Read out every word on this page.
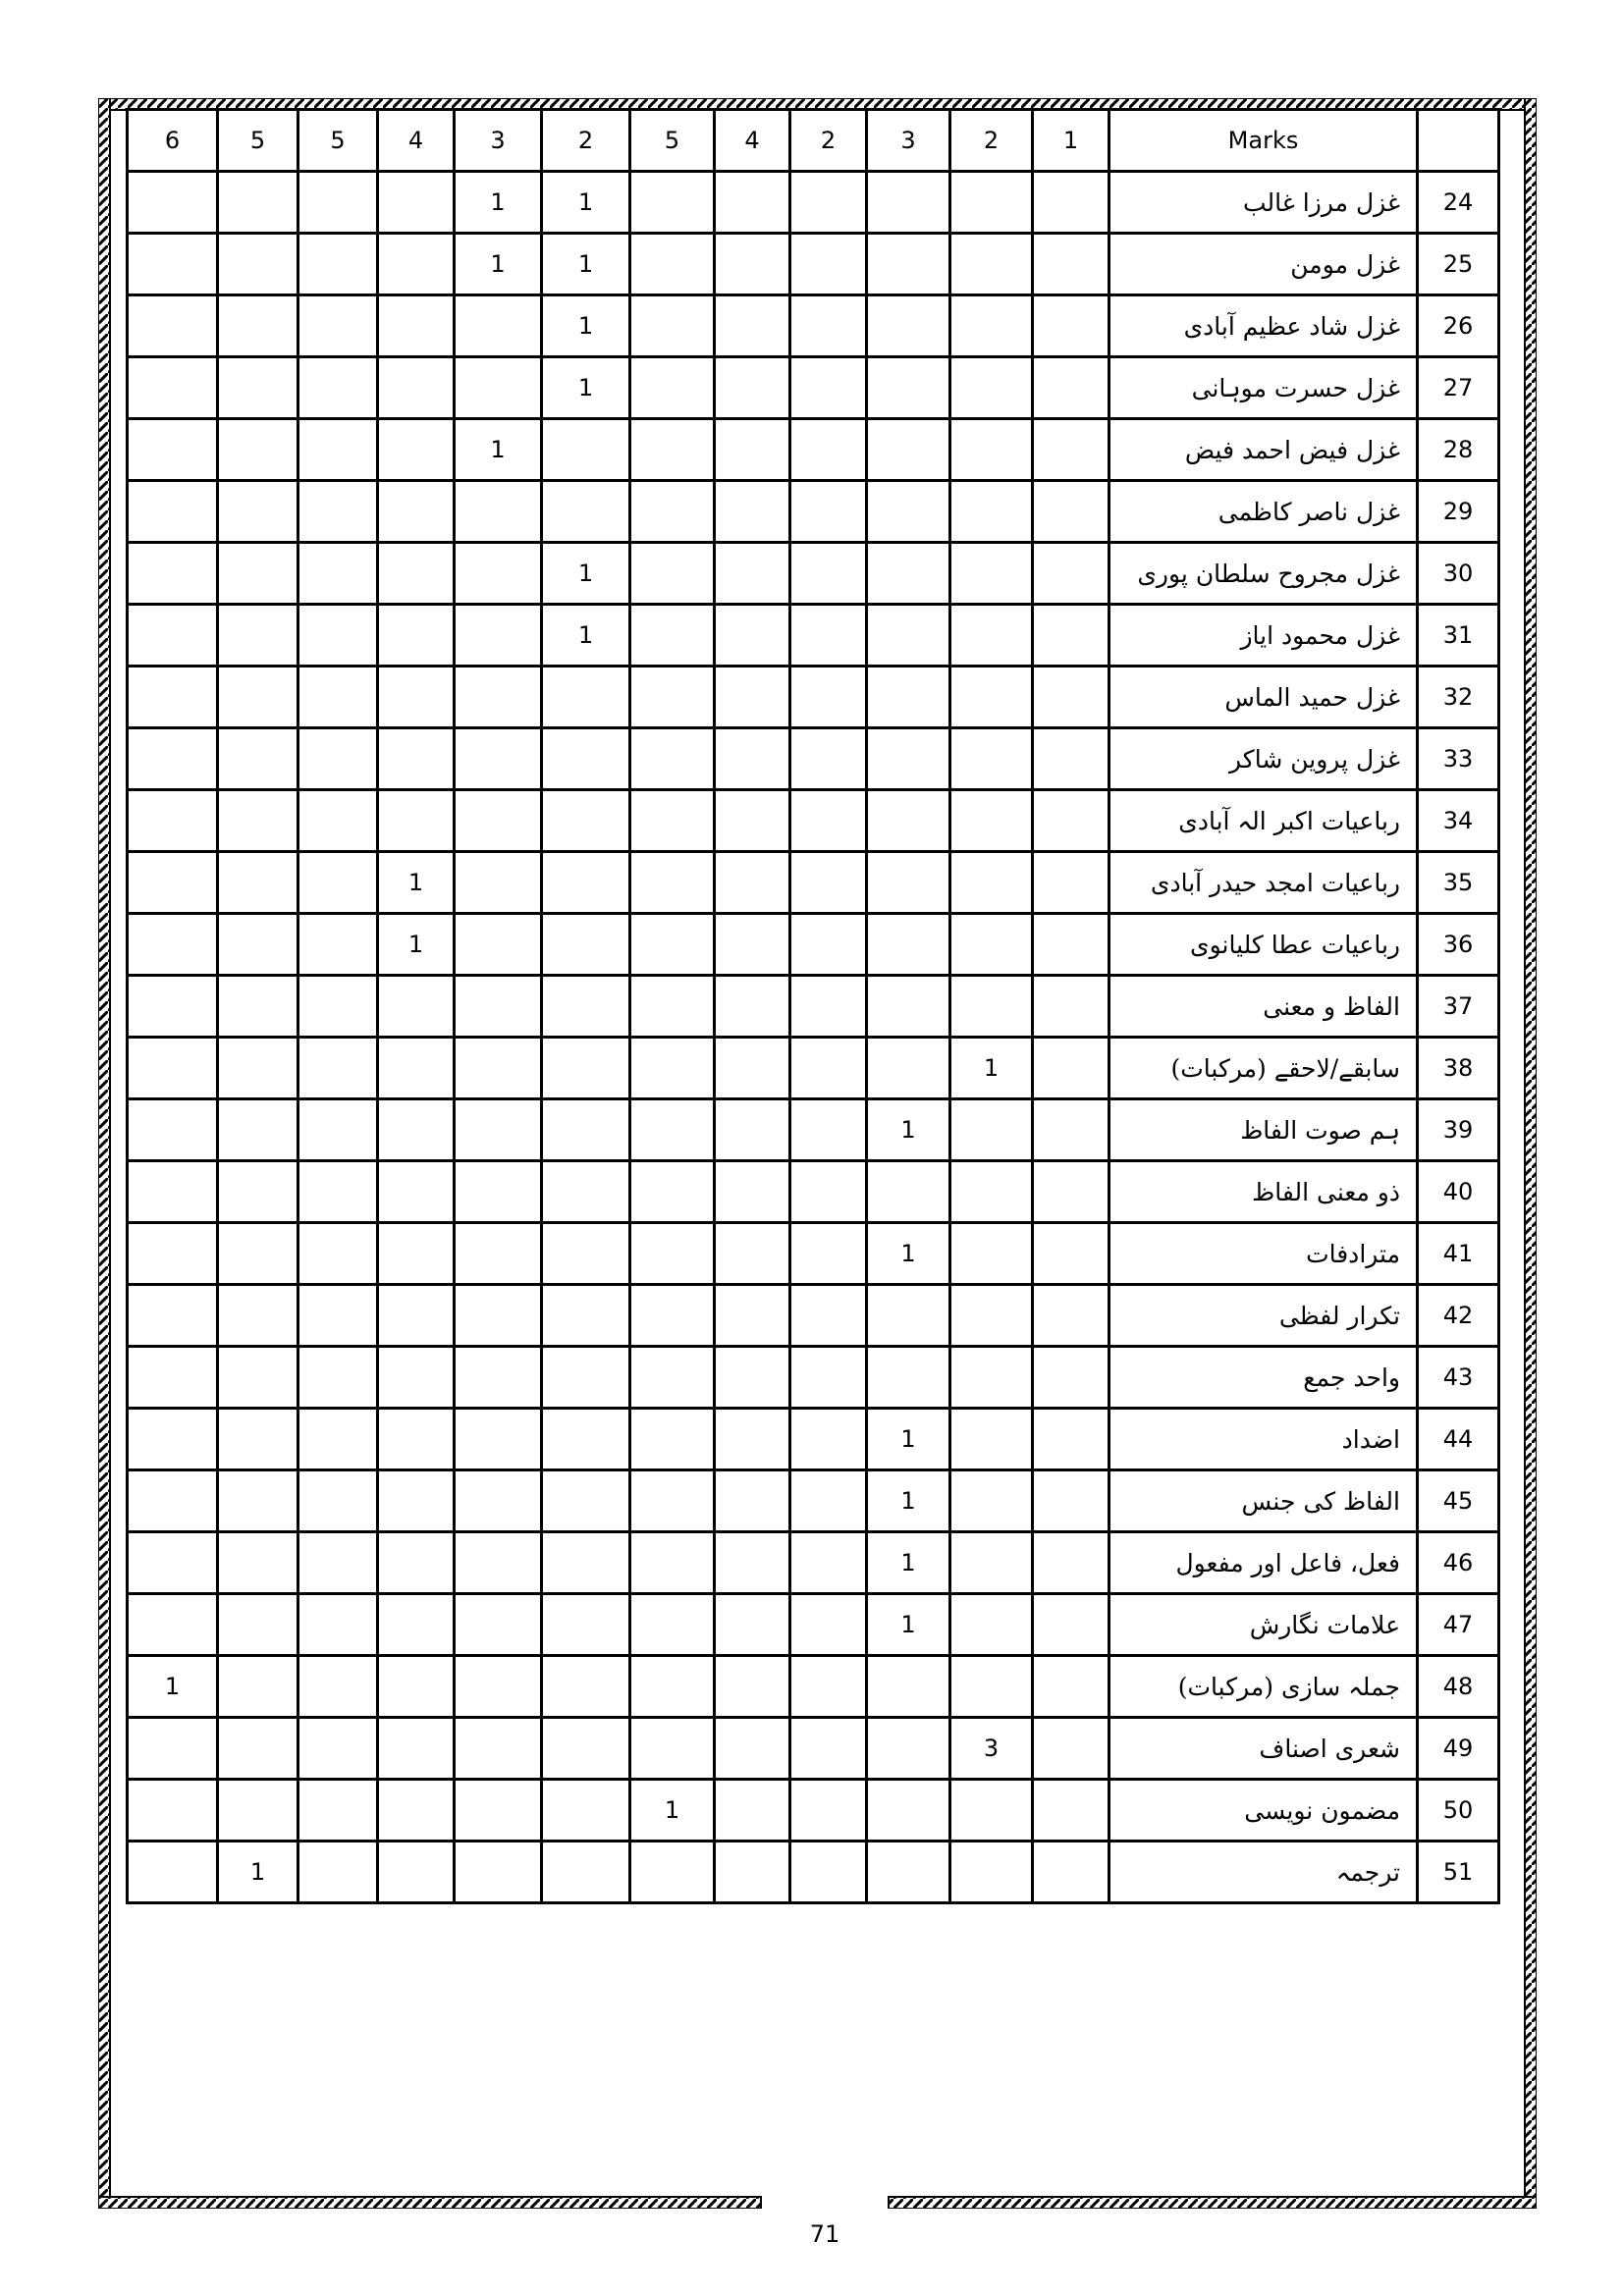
6	5	5	4	3	2	5	4	2	3	2	1	Marks	
				1	1							غزل مرزا غالب	24
				1	1							غزل مومن	25
					1							غزل شاد عظیم آبادی	26
					1							غزل حسرت موہانی	27
				1								غزل فیض احمد فیض	28
												غزل ناصر کاظمی	29
					1							غزل مجروح سلطان پوری	30
					1							غزل محمود ایاز	31
												غزل حمید الماس	32
												غزل پروین شاکر	33
												رباعیات اکبر الہ آبادی	34
			1									رباعیات امجد حیدر آبادی	35
			1									رباعیات عطا کلیانوی	36
												الفاظ و معنی	37
										1		سابقے/لاحقے (مرکبات)	38
									1			ہم صوت الفاظ	39
												ذو معنی الفاظ	40
									1			مترادفات	41
												تکرار لفظی	42
												واحد جمع	43
									1			اضداد	44
									1			الفاظ کی جنس	45
									1			فعل، فاعل اور مفعول	46
									1			علامات نگارش	47
1												جملہ سازی (مرکبات)	48
										3		شعری اصناف	49
						1						مضمون نویسی	50
	1											ترجمہ	51
71
